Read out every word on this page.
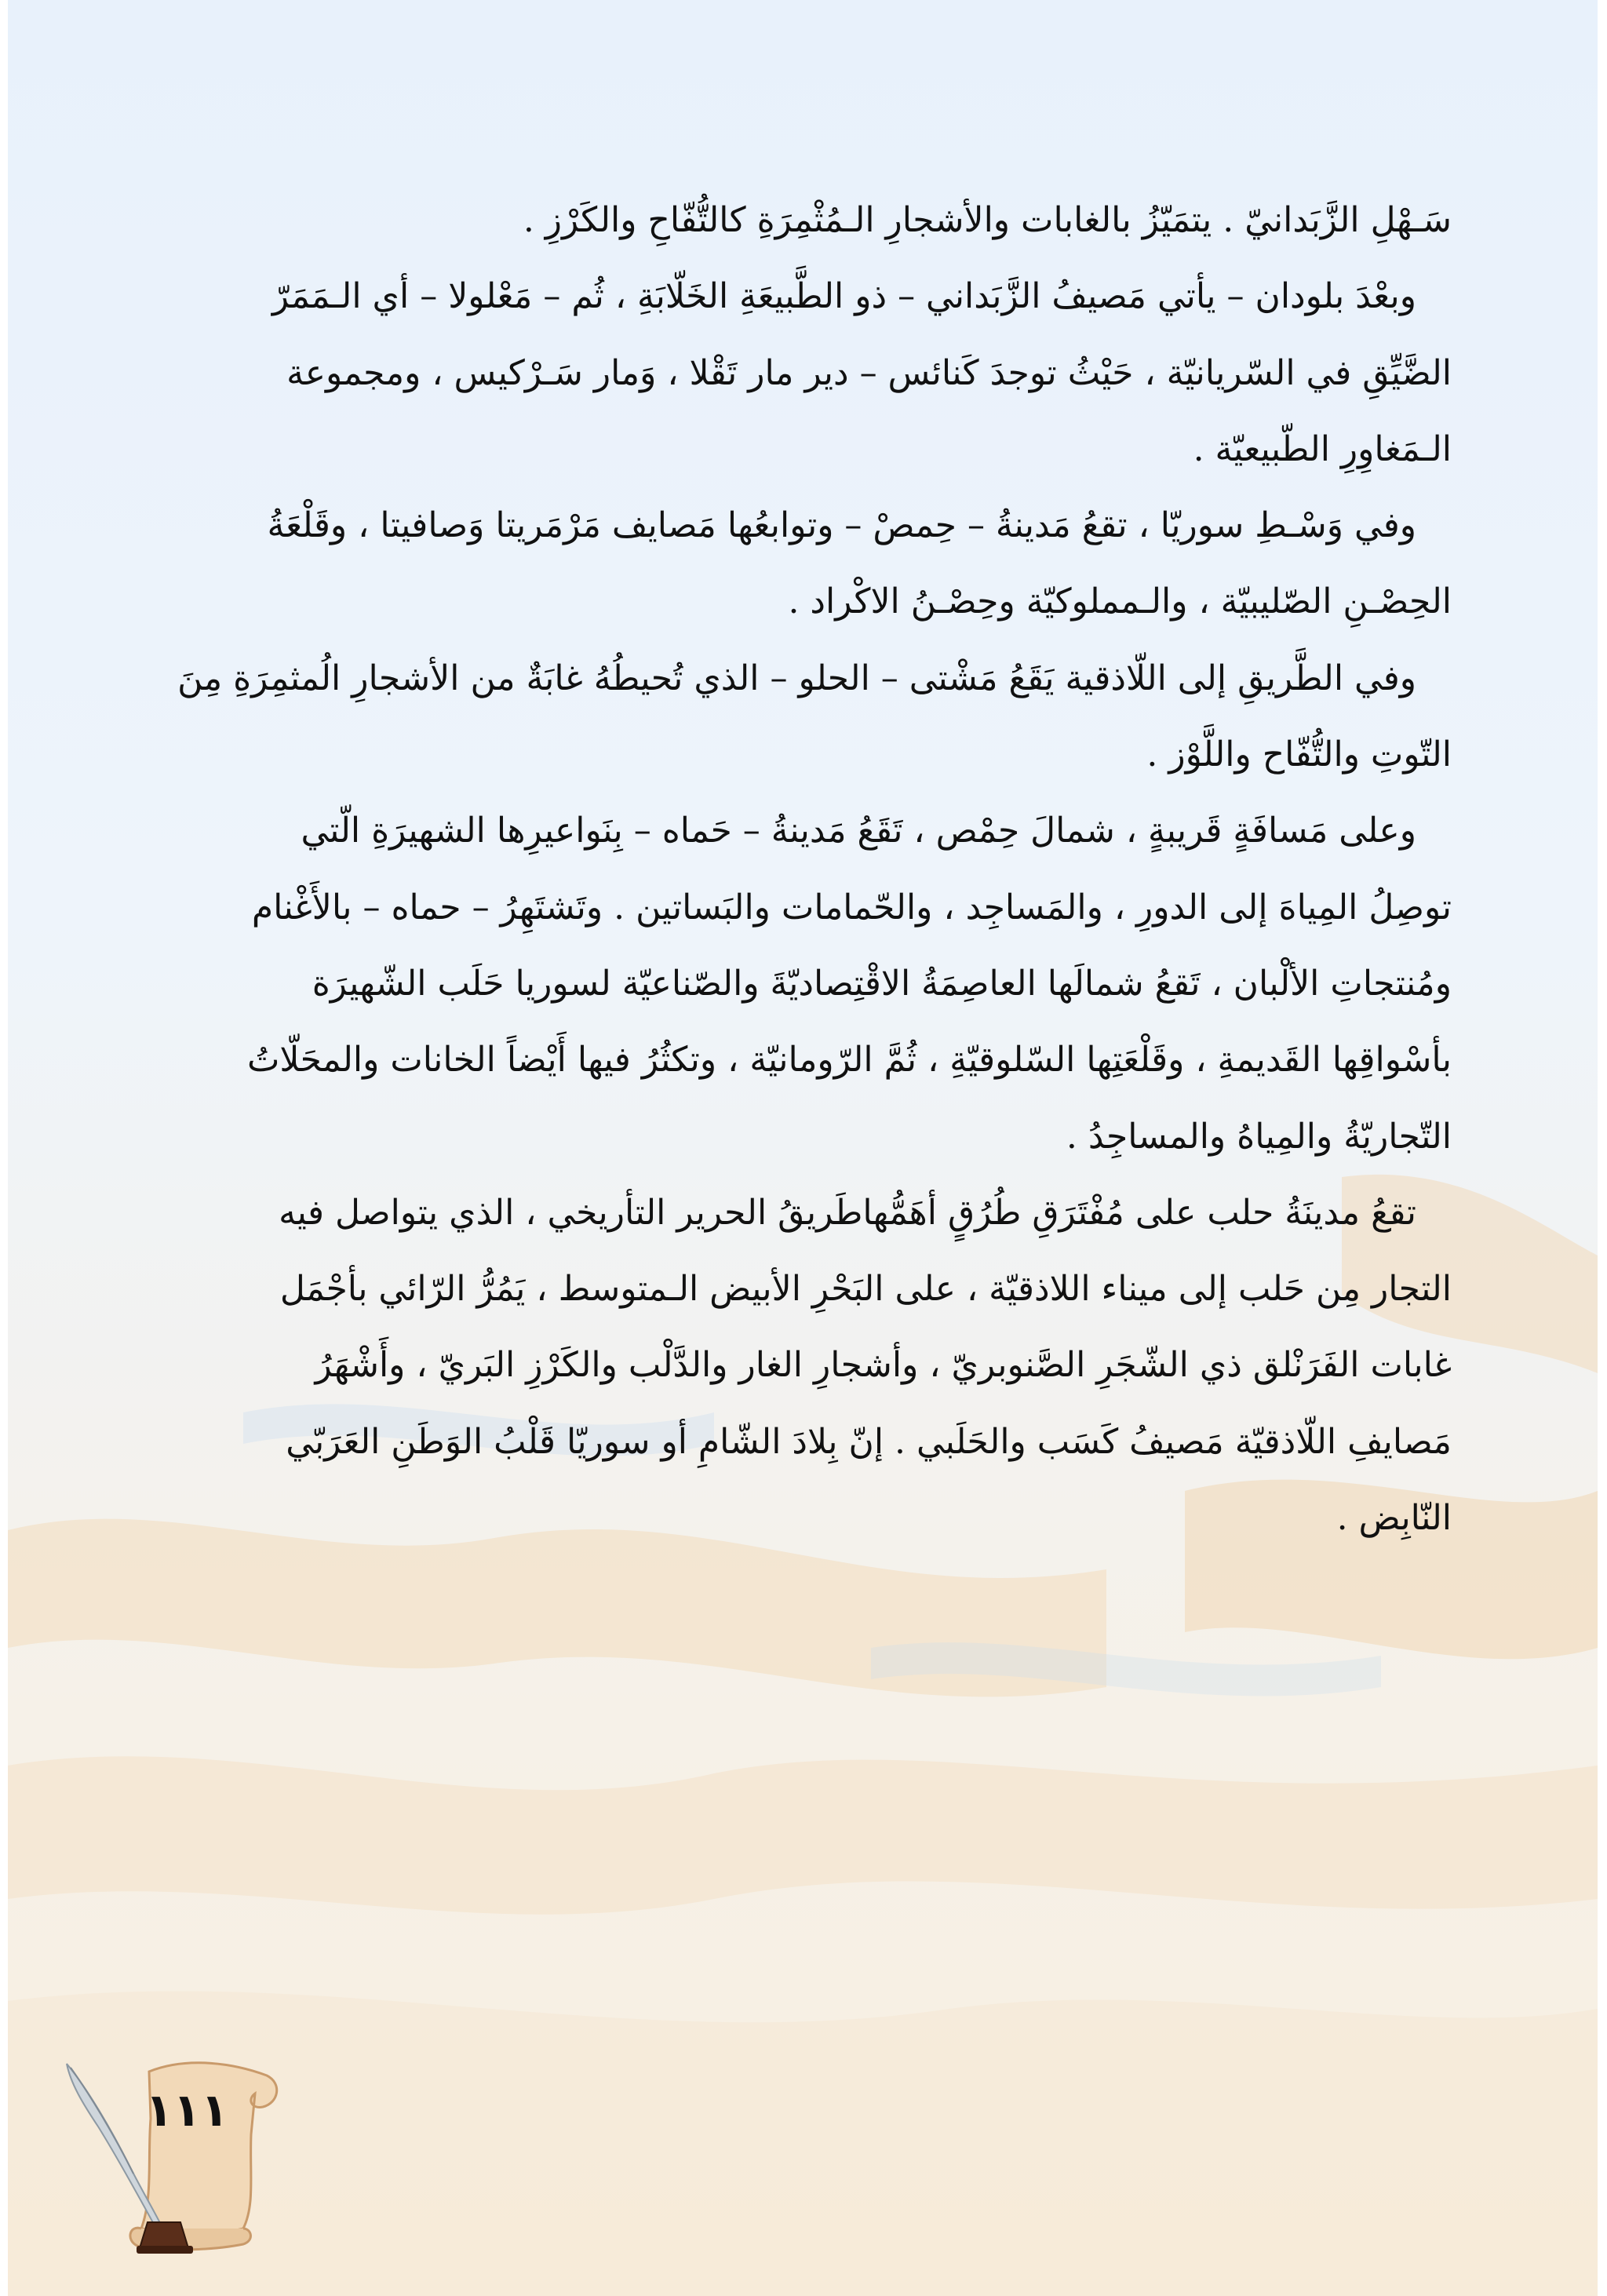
سَـهْلِ الزَّبَدانيّ . يتمَيّزُ بالغابات والأشجارِ الـمُثْمِرَةِ كالتُّفّاحِ والكَرْزِ .
وبعْدَ بلودان – يأتي مَصيفُ الزَّبَداني – ذو الطَّبيعَةِ الخَلّابَةِ ، ثُم – مَعْلولا – أي الـمَمَرّ
الضَّيِّقِ في السّريانيّة ، حَيْثُ توجدَ كَنائس – دير مار تَقْلا ، وَمار سَـرْكيس ، ومجموعة
الـمَغاوِرِ الطّبيعيّة .
وفي وَسْـطِ سوريّا ، تقعُ مَدينةُ – حِمصْ – وتوابعُها مَصايف مَرْمَريتا وَصافيتا ، وقَلْعَةُ
الحِصْـنِ الصّليبيّة ، والـمملوكيّة وحِصْـنُ الاكْراد .
وفي الطَّريقِ إلى اللّاذقية يَقَعُ مَشْتى – الحلو – الذي تُحيطُهُ غابَةٌ من الأشجارِ الُمثمِرَةِ مِنَ
التّوتِ والتُّفّاح واللَّوْز .
وعلى مَسافَةٍ قَريبةٍ ، شمالَ حِمْص ، تَقَعُ مَدينةُ – حَماه – بِنَواعيرِها الشهيرَةِ الّتي
توصِلُ المِياهَ إلى الدورِ ، والمَساجِد ، والحّمامات والبَساتين . وتَشتَهِرُ – حماه – بالأَغْنام
ومُنتجاتِ الألْبان ، تَقعُ شمالَها العاصِمَةُ الاقْتِصاديّةَ والصّناعيّة لسوريا حَلَب الشّهيرَة
بأسْواقِها القَديمةِ ، وقَلْعَتِها السّلوقيّةِ ، ثُمَّ الرّومانيّة ، وتكثُرُ فيها أَيْضاً الخانات والمحَلّاتُ
التّجاريّةُ والمِياهُ والمساجِدُ .
تقعُ مدينَةُ حلب على مُفْتَرَقِ طُرُقٍ أهَمُّهاطَريقُ الحرير التأريخي ، الذي يتواصل فيه
التجار مِن حَلب إلى ميناء اللاذقيّة ، على البَحْرِ الأبيض الـمتوسط ، يَمُرُّ الرّائي بأجْمَل
غابات الفَرَنْلق ذي الشّجَرِ الصَّنوبريّ ، وأشجارِ الغار والدَّلْب والكَرْزِ البَريّ ، وأَشْهَرُ
مَصايفِ اللّاذقيّة مَصيفُ كَسَب والحَلَبي . إنّ بِلادَ الشّامِ أو سوريّا قَلْبُ الوَطَنِ العَرَبّي
النّابِض .
١١١
